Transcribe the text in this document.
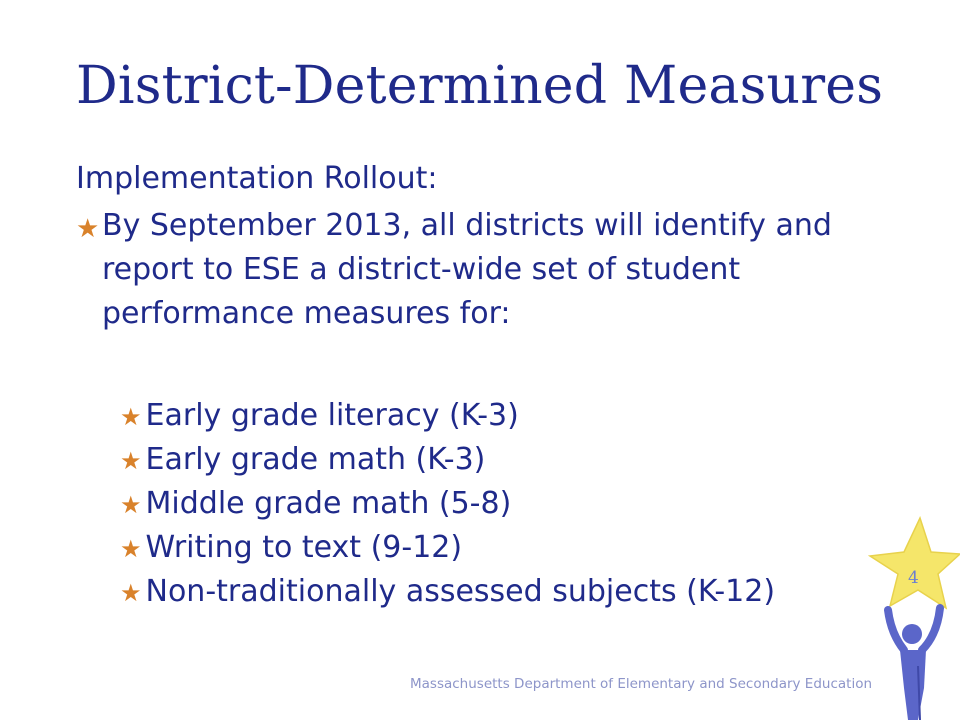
District-Determined Measures
Implementation Rollout:
★ By September 2013, all districts will identify and report to ESE a district-wide set of student performance measures for:
★ Early grade literacy (K-3)
★ Early grade math (K-3)
★ Middle grade math (5-8)
★ Writing to text (9-12)
★ Non-traditionally assessed subjects (K-12)	4
Massachusetts Department of Elementary and Secondary Education
